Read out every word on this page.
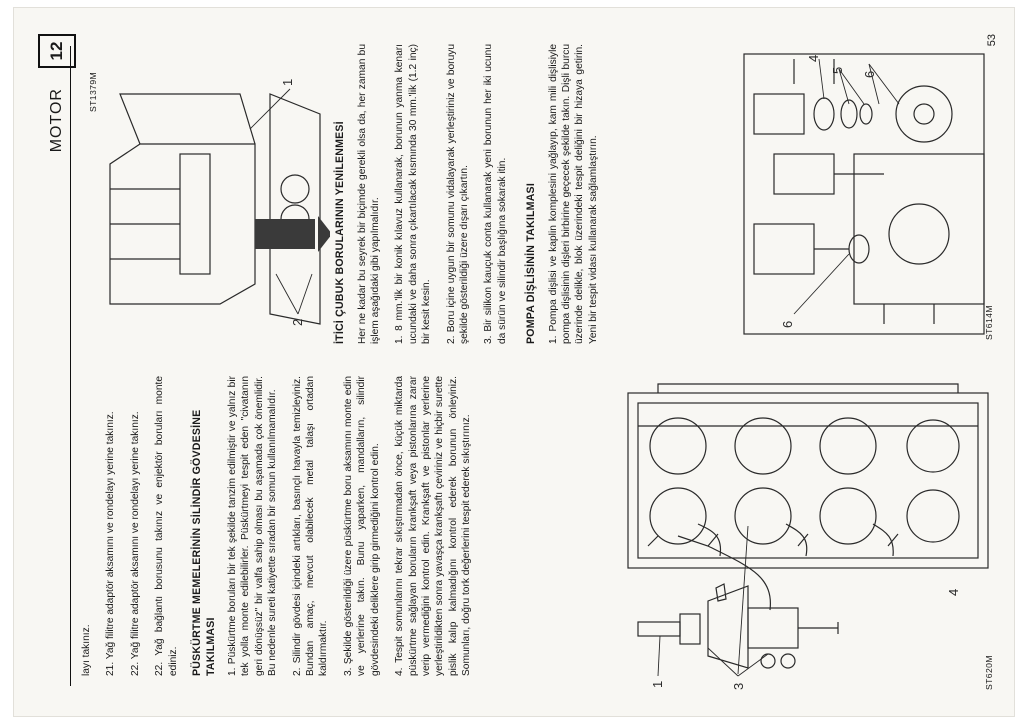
MOTOR
12

layı takınız. 21. Yağ filitre adaptör aksamını ve rondelayı yerine takınız. 22. Yağ filitre adaptör aksamını ve rondelayı yerine takınız. 22. Yağ bağlantı borusunu takınız ve enjektör boruları monte ediniz. PÜSKÜRTME MEMELERİNİN SİLİNDİR GÖVDESİNE TAKILMASI 1. Püskürtme boruları bir tek şekilde tanzim edilmiştir ve yalnız bir tek yolla monte edilebilirler. Püskürtmeyi tespit eden "civatanın geri dönüşsüz" bir valfa sahip olması bu aşamada çok önemlidir. Bu nedenle sureti katiyette sıradan bir somun kullanılmamalıdır. 2. Silindir gövdesi içindeki artıkları, basınçlı havayla temizleyiniz. Bundan amaç, mevcut olabilecek metal talaşı ortadan kaldırmaktır. 3. Şekilde gösterildiği üzere püskürtme boru aksamını monte edin ve yerlerine takın. Bunu yaparken, mandalların, silindir gövdesindeki deliklere girip girmediğini kontrol edin. 4. Tespit somunlarını tekrar sıkıştırmadan önce, küçük miktarda püskürtme sağlayan boruların krankşaft veya pistonlarına zarar verip vermediğini kontrol edin. Krankşaft ve pistonlar yerlerine yerleştirildikten sonra yavaşça krankşaftı çeviriniz ve hiçbir surette pislik kalıp kalmadığını kontrol ederek borunun önleyiniz. Somunları, doğru tork değerlerini tespit ederek sıkıştırınız.

1	3
4
ST620M
1
2
ST1379M

İTİCİ ÇUBUK BORULARININ YENİLENMESİ Her ne kadar bu seyrek bir biçimde gerekli olsa da, her zaman bu işlem aşağıdaki gibi yapılmalıdır. 1. 8 mm.'lik bir konik kılavuz kullanarak, borunun yanma kenarı ucundaki ve daha sonra çıkartılacak kısmında 30 mm.'lik (1.2 inç) bir kesit kesin. 2. Boru içine uygun bir somunu vidalayarak yerleştiriniz ve boruyu şekilde gösterildiği üzere dışarı çıkartın. 3. Bir silikon kauçuk conta kullanarak yeni borunun her iki ucunu da sürün ve silindir başlığına sokarak itin. POMPA DİŞLİSİNİN TAKILMASI 1. Pompa dişlisi ve kaplin komplesini yağlayıp, kam mili dişlisiyle pompa dişlisinin dişleri birbirine geçecek şekilde takın. Dişli burcu üzerinde delikle, blok üzerindeki tespit deliğini bir hizaya getirin. Yeni bir tespit vidası kullanarak sağlamlaştırın.	6
6
5
4
ST614M
53
